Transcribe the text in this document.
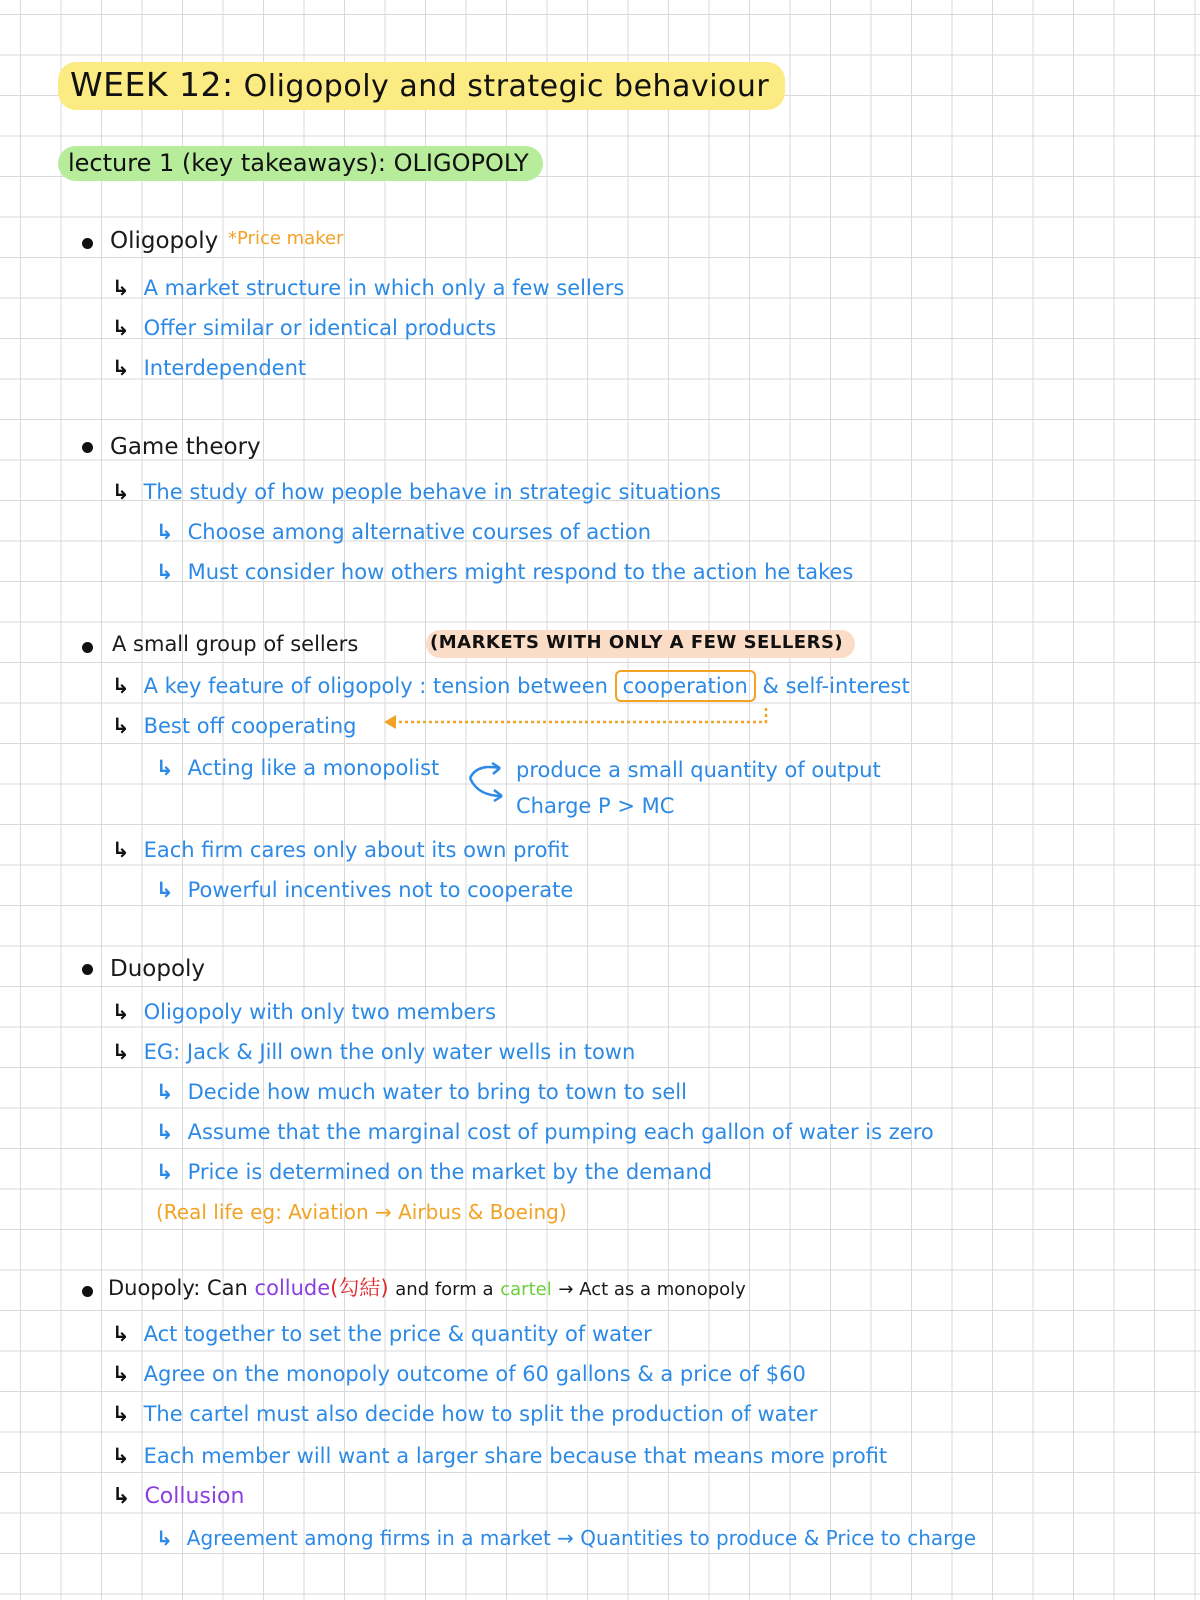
WEEK 12: Oligopoly and strategic behaviour
lecture 1 (key takeaways): OLIGOPOLY
Oligopoly *Price maker
↳ A market structure in which only a few sellers
↳ Offer similar or identical products
↳ Interdependent
Game theory
↳ The study of how people behave in strategic situations
↳ Choose among alternative courses of action
↳ Must consider how others might respond to the action he takes
A small group of sellers	(MARKETS WITH ONLY A FEW SELLERS)
↳ A key feature of oligopoly : tension between cooperation & self-interest
↳ Best off cooperating
↳ Acting like a monopolist	produce a small quantity of output
Charge P > MC
↳ Each firm cares only about its own profit
↳ Powerful incentives not to cooperate
Duopoly
↳ Oligopoly with only two members
↳ EG: Jack & Jill own the only water wells in town
↳ Decide how much water to bring to town to sell
↳ Assume that the marginal cost of pumping each gallon of water is zero
↳ Price is determined on the market by the demand
(Real life eg: Aviation → Airbus & Boeing)
Duopoly: Can collude(勾結) and form a cartel → Act as a monopoly
↳ Act together to set the price & quantity of water
↳ Agree on the monopoly outcome of 60 gallons & a price of $60
↳ The cartel must also decide how to split the production of water
↳ Each member will want a larger share because that means more profit
↳ Collusion
↳ Agreement among firms in a market → Quantities to produce & Price to charge
